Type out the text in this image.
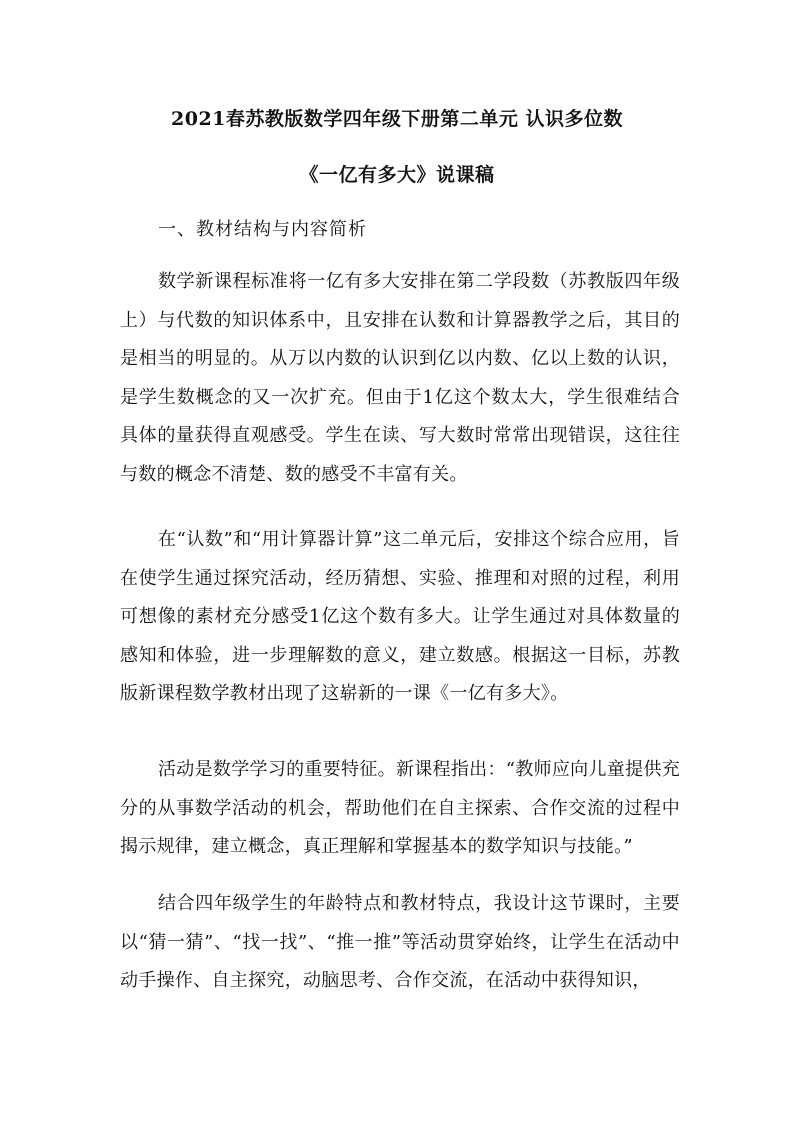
2021春苏教版数学四年级下册第二单元 认识多位数
《一亿有多大》说课稿
一、教材结构与内容简析

数学新课程标准将一亿有多大安排在第二学段数（苏教版四年级上）与代数的知识体系中，且安排在认数和计算器教学之后，其目的是相当的明显的。从万以内数的认识到亿以内数、亿以上数的认识，是学生数概念的又一次扩充。但由于1亿这个数太大，学生很难结合具体的量获得直观感受。学生在读、写大数时常常出现错误，这往往与数的概念不清楚、数的感受不丰富有关。

在“认数”和“用计算器计算”这二单元后，安排这个综合应用，旨在使学生通过探究活动，经历猜想、实验、推理和对照的过程，利用可想像的素材充分感受1亿这个数有多大。让学生通过对具体数量的感知和体验，进一步理解数的意义，建立数感。根据这一目标，苏教版新课程数学教材出现了这崭新的一课《一亿有多大》。

活动是数学学习的重要特征。新课程指出：“教师应向儿童提供充分的从事数学活动的机会，帮助他们在自主探索、合作交流的过程中揭示规律，建立概念，真正理解和掌握基本的数学知识与技能。”

结合四年级学生的年龄特点和教材特点，我设计这节课时，主要以“猜一猜”、“找一找”、“推一推”等活动贯穿始终，让学生在活动中动手操作、自主探究，动脑思考、合作交流，在活动中获得知识，
